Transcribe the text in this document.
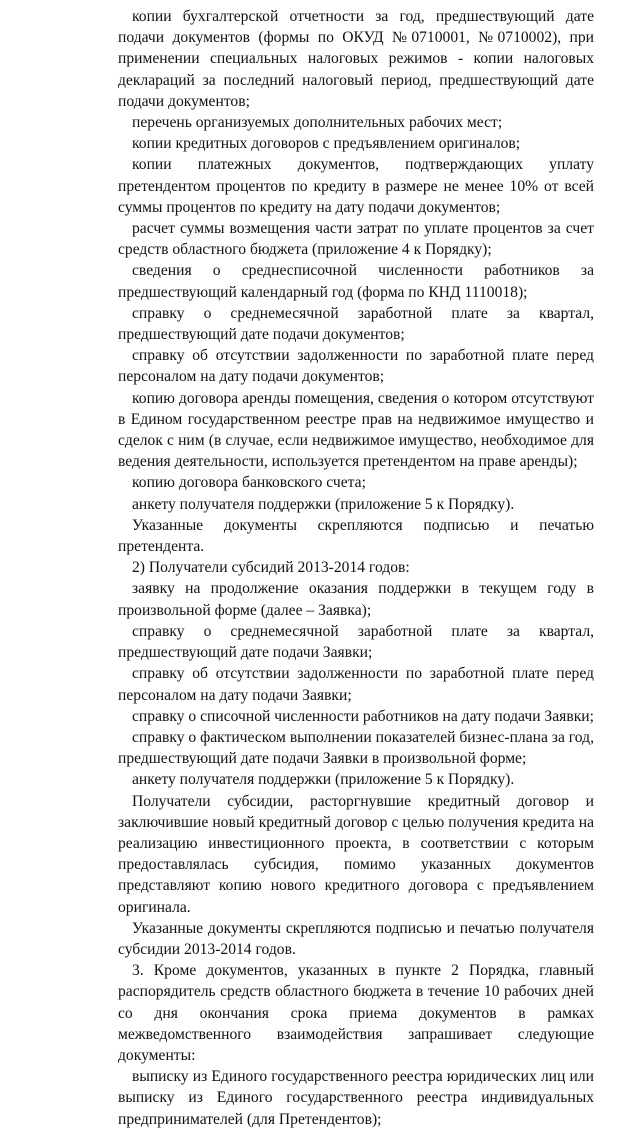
копии бухгалтерской отчетности за год, предшествующий дате подачи документов (формы по ОКУД №0710001, №0710002), при применении специальных налоговых режимов - копии налоговых деклараций за последний налоговый период, предшествующий дате подачи документов;

перечень организуемых дополнительных рабочих мест;

копии кредитных договоров с предъявлением оригиналов;

копии платежных документов, подтверждающих уплату претендентом процентов по кредиту в размере не менее 10% от всей суммы процентов по кредиту на дату подачи документов;

расчет суммы возмещения части затрат по уплате процентов за счет средств областного бюджета (приложение 4 к Порядку);

сведения о среднесписочной численности работников за предшествующий календарный год (форма по КНД 1110018);

справку о среднемесячной заработной плате за квартал, предшествующий дате подачи документов;

справку об отсутствии задолженности по заработной плате перед персоналом на дату подачи документов;

копию договора аренды помещения, сведения о котором отсутствуют в Едином государственном реестре прав на недвижимое имущество и сделок с ним (в случае, если недвижимое имущество, необходимое для ведения деятельности, используется претендентом на праве аренды);

копию договора банковского счета;

анкету получателя поддержки (приложение 5 к Порядку).

Указанные документы скрепляются подписью и печатью претендента.

2) Получатели субсидий 2013-2014 годов:

заявку на продолжение оказания поддержки в текущем году в произвольной форме (далее – Заявка);

справку о среднемесячной заработной плате за квартал, предшествующий дате подачи Заявки;

справку об отсутствии задолженности по заработной плате перед персоналом на дату подачи Заявки;

справку о списочной численности работников на дату подачи Заявки;

справку о фактическом выполнении показателей бизнес-плана за год, предшествующий дате подачи Заявки в произвольной форме;

анкету получателя поддержки (приложение 5 к Порядку).

Получатели субсидии, расторгнувшие кредитный договор и заключившие новый кредитный договор с целью получения кредита на реализацию инвестиционного проекта, в соответствии с которым предоставлялась субсидия, помимо указанных документов представляют копию нового кредитного договора с предъявлением оригинала.

Указанные документы скрепляются подписью и печатью получателя субсидии 2013-2014 годов.

3. Кроме документов, указанных в пункте 2 Порядка, главный распорядитель средств областного бюджета в течение 10 рабочих дней со дня окончания срока приема документов в рамках межведомственного взаимодействия запрашивает следующие документы:

выписку из Единого государственного реестра юридических лиц или выписку из Единого государственного реестра индивидуальных предпринимателей (для Претендентов);
